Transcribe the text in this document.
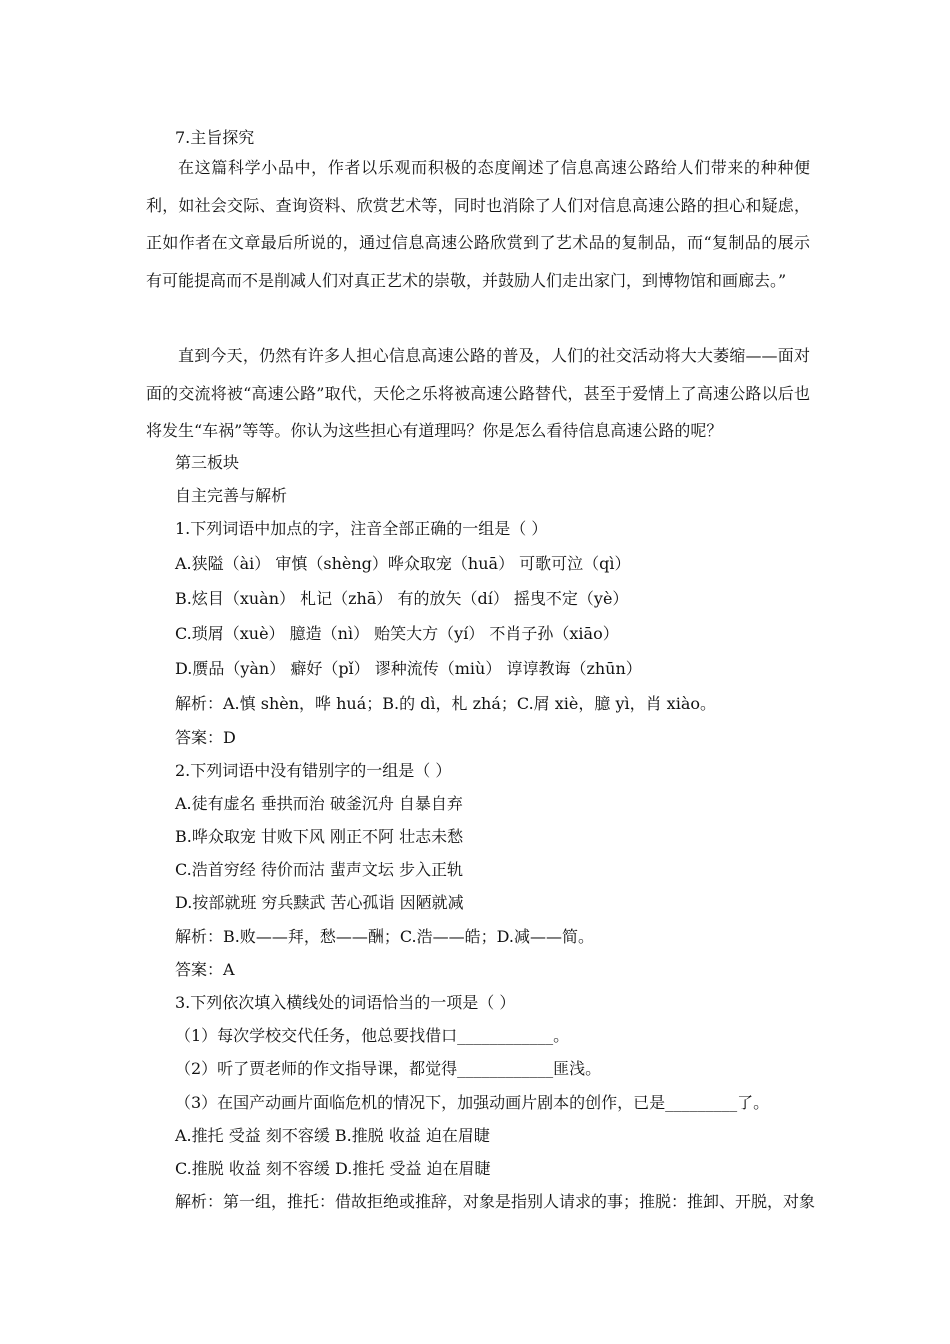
7.主旨探究
在这篇科学小品中，作者以乐观而积极的态度阐述了信息高速公路给人们带来的种种便利，如社会交际、查询资料、欣赏艺术等，同时也消除了人们对信息高速公路的担心和疑虑，正如作者在文章最后所说的，通过信息高速公路欣赏到了艺术品的复制品，而“复制品的展示有可能提高而不是削减人们对真正艺术的崇敬，并鼓励人们走出家门，到博物馆和画廊去。”
直到今天，仍然有许多人担心信息高速公路的普及，人们的社交活动将大大萎缩——面对面的交流将被“高速公路”取代，天伦之乐将被高速公路替代，甚至于爱情上了高速公路以后也将发生“车祸”等等。你认为这些担心有道理吗？你是怎么看待信息高速公路的呢？
第三板块
自主完善与解析
1.下列词语中加点的字，注音全部正确的一组是（ ）
A.狭隘（ài） 审慎（shèng）哗众取宠（huā） 可歌可泣（qì）
B.炫目（xuàn） 札记（zhā） 有的放矢（dí） 摇曳不定（yè）
C.琐屑（xuè） 臆造（nì） 贻笑大方（yí） 不肖子孙（xiāo）
D.赝品（yàn） 癖好（pǐ） 谬种流传（miù） 谆谆教诲（zhūn）
解析：A.慎 shèn，哗 huá；B.的 dì，札 zhá；C.屑 xiè，臆 yì，肖 xiào。
答案：D
2.下列词语中没有错别字的一组是（ ）
A.徒有虚名 垂拱而治 破釜沉舟 自暴自弃
B.哗众取宠 甘败下风 刚正不阿 壮志未愁
C.浩首穷经 待价而沽 蜚声文坛 步入正轨
D.按部就班 穷兵黩武 苦心孤诣 因陋就减
解析：B.败——拜，愁——酬；C.浩——皓；D.减——简。
答案：A
3.下列依次填入横线处的词语恰当的一项是（ ）
（1）每次学校交代任务，他总要找借口____________。
（2）听了贾老师的作文指导课，都觉得____________匪浅。
（3）在国产动画片面临危机的情况下，加强动画片剧本的创作，已是_________了。
A.推托 受益 刻不容缓 B.推脱 收益 迫在眉睫
C.推脱 收益 刻不容缓 D.推托 受益 迫在眉睫
解析：第一组，推托：借故拒绝或推辞，对象是指别人请求的事；推脱：推卸、开脱，对象
